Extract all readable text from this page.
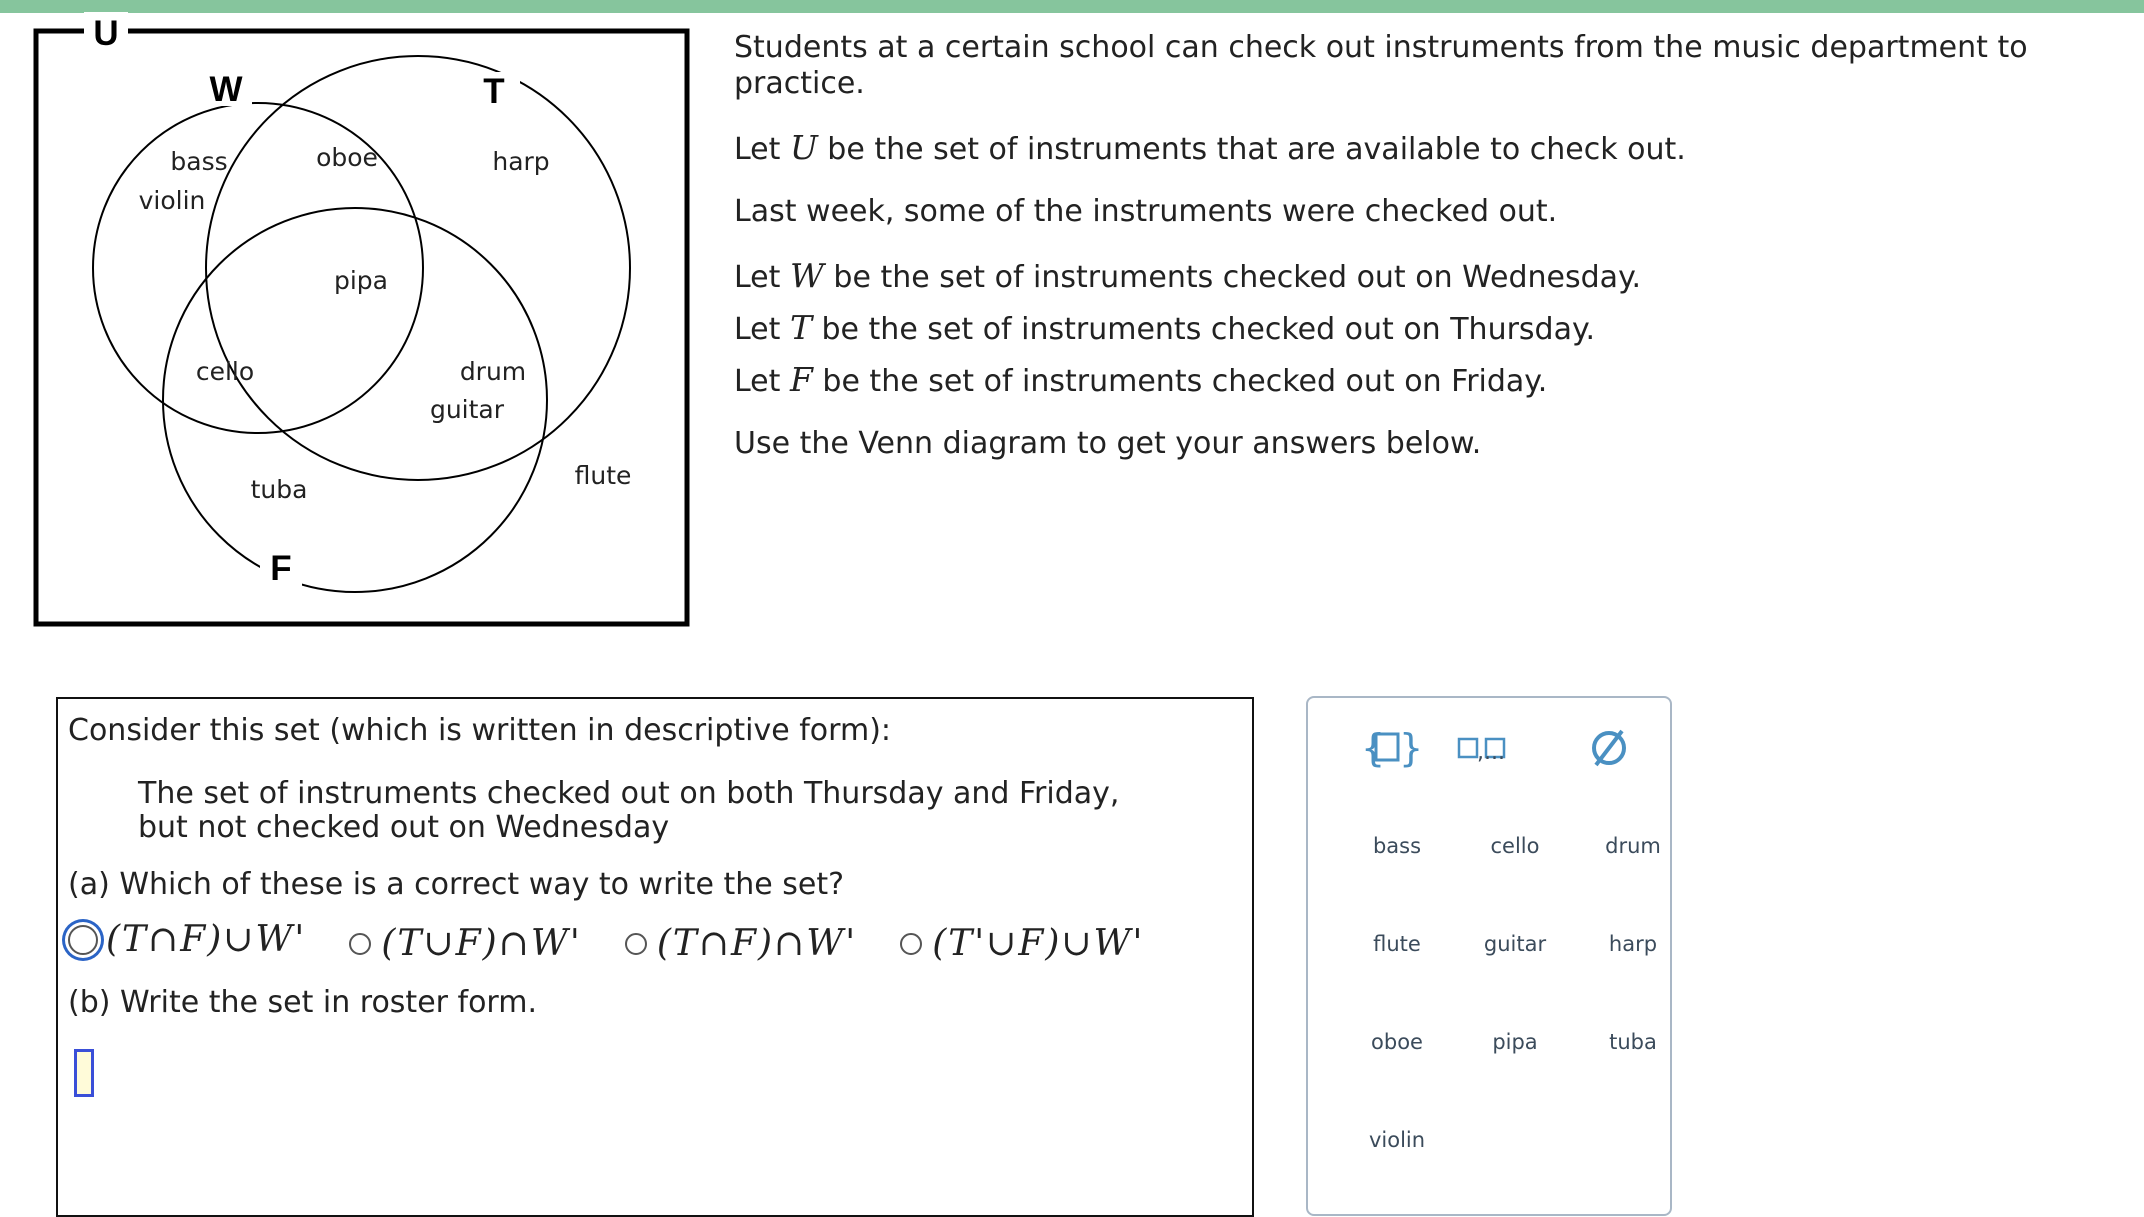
U
W	T
F
bass
violin
oboe	harp
pipa
cello	drum
guitar
tuba	flute

Students at a certain school can check out instruments from the music department to practice.

Let U be the set of instruments that are available to check out.

Last week, some of the instruments were checked out.

Let W be the set of instruments checked out on Wednesday.

Let T be the set of instruments checked out on Thursday.

Let F be the set of instruments checked out on Friday.

Use the Venn diagram to get your answers below.

Consider this set (which is written in descriptive form):
The set of instruments checked out on both Thursday and Friday, but not checked out on Wednesday
(a) Which of these is a correct way to write the set?
(T∩F)∪W'
(T∪F)∩W'
(T∩F)∩W'
(T'∪F)∪W'
(b) Write the set in roster form.
{ } ,...
bass	cello	drum
flute	guitar	harp
oboe	pipa	tuba
violin
